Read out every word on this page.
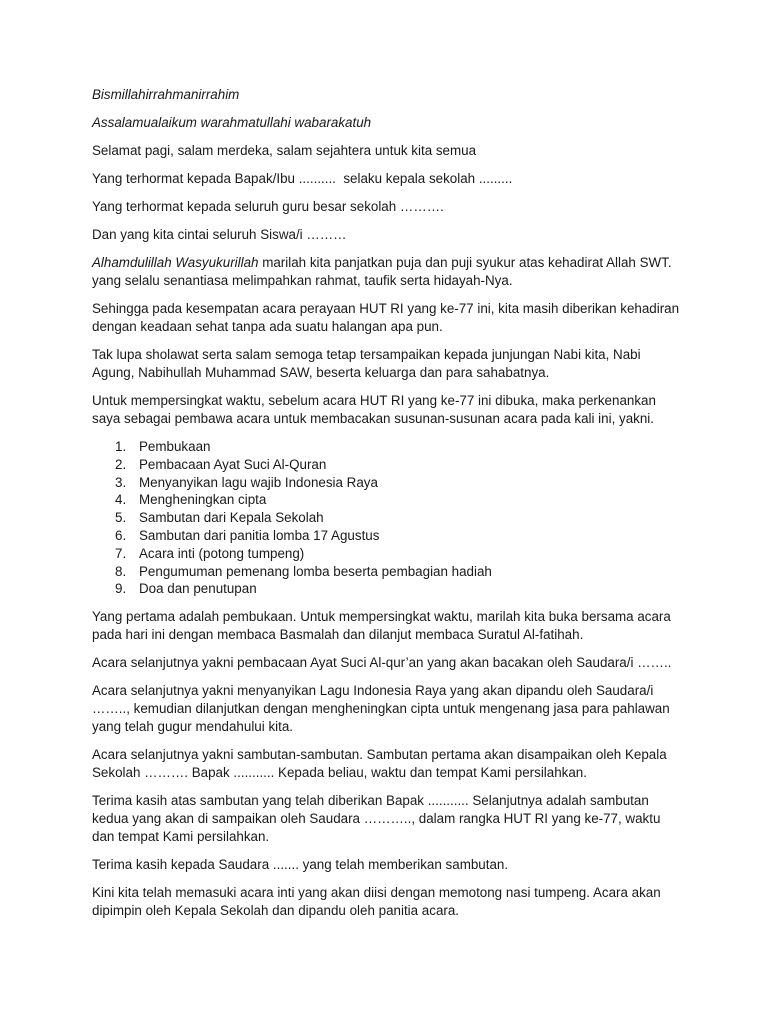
Bismillahirrahmanirrahim

Assalamualaikum warahmatullahi wabarakatuh

Selamat pagi, salam merdeka, salam sejahtera untuk kita semua

Yang terhormat kepada Bapak/Ibu ..........  selaku kepala sekolah .........

Yang terhormat kepada seluruh guru besar sekolah ……….

Dan yang kita cintai seluruh Siswa/i ………

Alhamdulillah Wasyukurillah marilah kita panjatkan puja dan puji syukur atas kehadirat Allah SWT. yang selalu senantiasa melimpahkan rahmat, taufik serta hidayah-Nya.

Sehingga pada kesempatan acara perayaan HUT RI yang ke-77 ini, kita masih diberikan kehadiran dengan keadaan sehat tanpa ada suatu halangan apa pun.

Tak lupa sholawat serta salam semoga tetap tersampaikan kepada junjungan Nabi kita, Nabi Agung, Nabihullah Muhammad SAW, beserta keluarga dan para sahabatnya.

Untuk mempersingkat waktu, sebelum acara HUT RI yang ke-77 ini dibuka, maka perkenankan saya sebagai pembawa acara untuk membacakan susunan-susunan acara pada kali ini, yakni.

1. Pembukaan
2. Pembacaan Ayat Suci Al-Quran
3. Menyanyikan lagu wajib Indonesia Raya
4. Mengheningkan cipta
5. Sambutan dari Kepala Sekolah
6. Sambutan dari panitia lomba 17 Agustus
7. Acara inti (potong tumpeng)
8. Pengumuman pemenang lomba beserta pembagian hadiah
9. Doa dan penutupan

Yang pertama adalah pembukaan. Untuk mempersingkat waktu, marilah kita buka bersama acara pada hari ini dengan membaca Basmalah dan dilanjut membaca Suratul Al-fatihah.

Acara selanjutnya yakni pembacaan Ayat Suci Al-qur’an yang akan bacakan oleh Saudara/i ……..

Acara selanjutnya yakni menyanyikan Lagu Indonesia Raya yang akan dipandu oleh Saudara/i …….., kemudian dilanjutkan dengan mengheningkan cipta untuk mengenang jasa para pahlawan yang telah gugur mendahului kita.

Acara selanjutnya yakni sambutan-sambutan. Sambutan pertama akan disampaikan oleh Kepala Sekolah ………. Bapak ........... Kepada beliau, waktu dan tempat Kami persilahkan.

Terima kasih atas sambutan yang telah diberikan Bapak ........... Selanjutnya adalah sambutan kedua yang akan di sampaikan oleh Saudara ……….., dalam rangka HUT RI yang ke-77, waktu dan tempat Kami persilahkan.

Terima kasih kepada Saudara ....... yang telah memberikan sambutan.

Kini kita telah memasuki acara inti yang akan diisi dengan memotong nasi tumpeng. Acara akan dipimpin oleh Kepala Sekolah dan dipandu oleh panitia acara.
